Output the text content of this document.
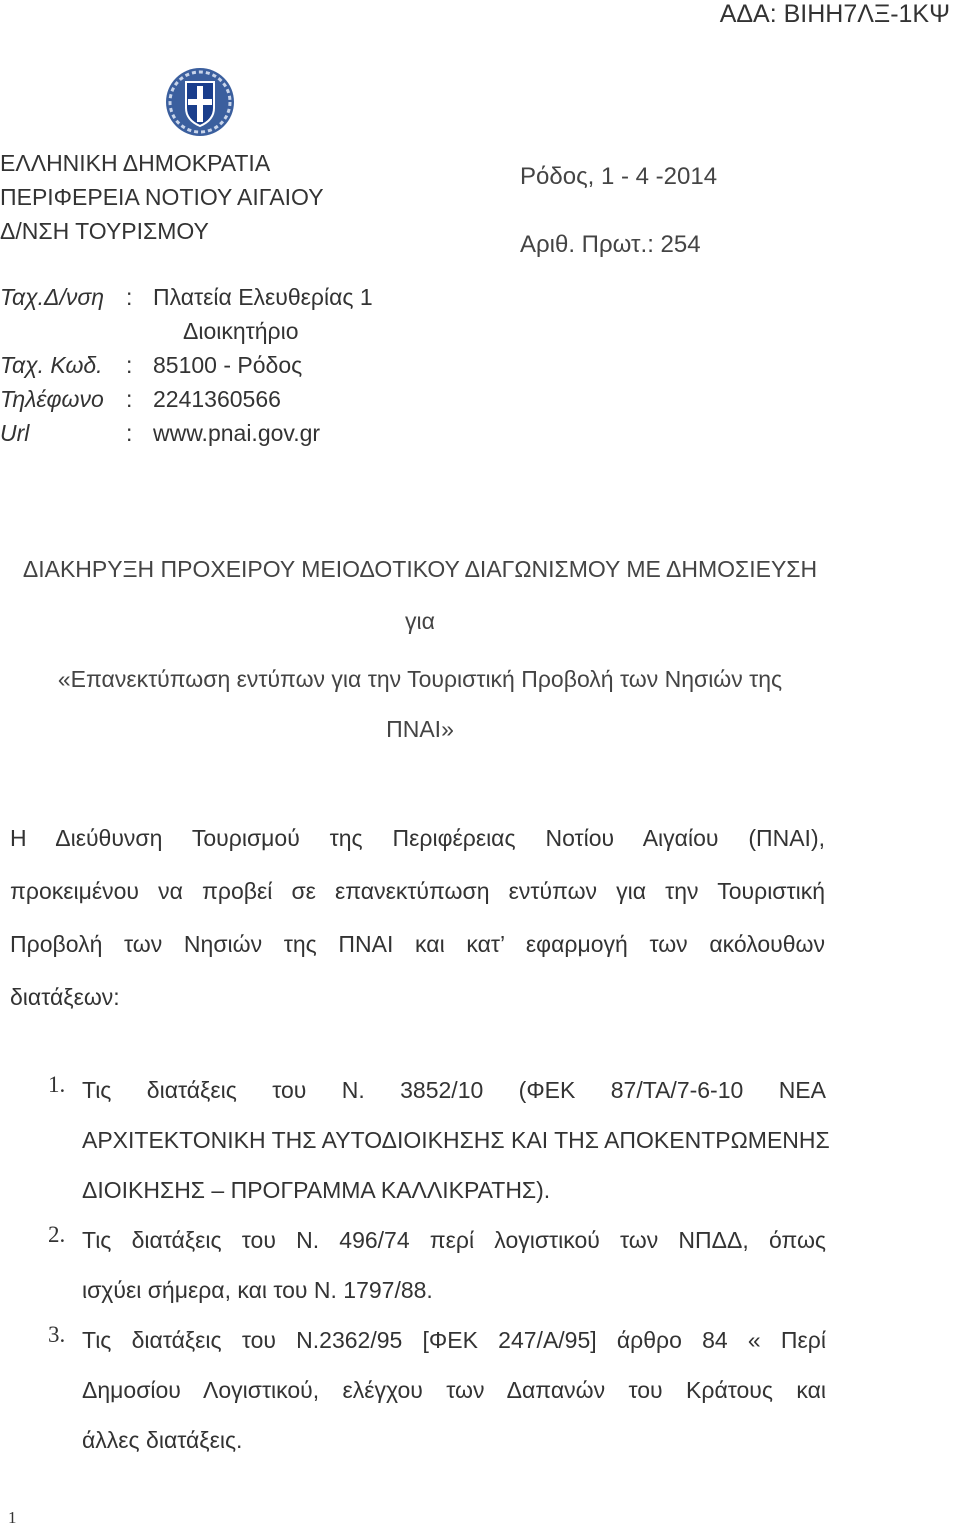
ΑΔΑ: ΒΙΗΗ7ΛΞ-1ΚΨ
ΕΛΛΗΝΙΚΗ ΔΗΜΟΚΡΑΤΙΑ
ΠΕΡΙΦΕΡΕΙΑ ΝΟΤΙΟΥ ΑΙΓΑΙΟΥ
Δ/ΝΣΗ ΤΟΥΡΙΣΜΟΥ
Ρόδος, 1 - 4 -2014
Αριθ. Πρωτ.: 254
Ταχ.Δ/νση : Πλατεία Ελευθερίας 1
Διοικητήριο
Ταχ. Κωδ. : 85100 - Ρόδος
Τηλέφωνο : 2241360566
Url	: www.pnai.gov.gr
ΔΙΑΚΗΡΥΞΗ ΠΡΟΧΕΙΡΟΥ ΜΕΙΟΔΟΤΙΚΟΥ ΔΙΑΓΩΝΙΣΜΟΥ ΜΕ ΔΗΜΟΣΙΕΥΣΗ
για
«Επανεκτύπωση εντύπων για την Τουριστική Προβολή των Νησιών της
ΠΝΑΙ»
Η Διεύθυνση Τουρισμού της Περιφέρειας Νοτίου Αιγαίου (ΠΝΑΙ),
προκειμένου να προβεί σε επανεκτύπωση εντύπων για την Τουριστική
Προβολή των Νησιών της ΠΝΑΙ και κατ’ εφαρμογή των ακόλουθων
διατάξεων:
1. Τις διατάξεις του Ν. 3852/10 (ΦΕΚ 87/ΤΑ/7-6-10 ΝΕΑ
ΑΡΧΙΤΕΚΤΟΝΙΚΗ ΤΗΣ ΑΥΤΟΔΙΟΙΚΗΣΗΣ ΚΑΙ ΤΗΣ ΑΠΟΚΕΝΤΡΩΜΕΝΗΣ
ΔΙΟΙΚΗΣΗΣ – ΠΡΟΓΡΑΜΜΑ ΚΑΛΛΙΚΡΑΤΗΣ).
2. Τις διατάξεις του Ν. 496/74 περί λογιστικού των ΝΠΔΔ, όπως
ισχύει σήμερα, και του Ν. 1797/88.
3. Τις διατάξεις του Ν.2362/95 [ΦΕΚ 247/Α/95] άρθρο 84 « Περί
Δημοσίου Λογιστικού, ελέγχου των Δαπανών του Κράτους και
άλλες διατάξεις.
1
